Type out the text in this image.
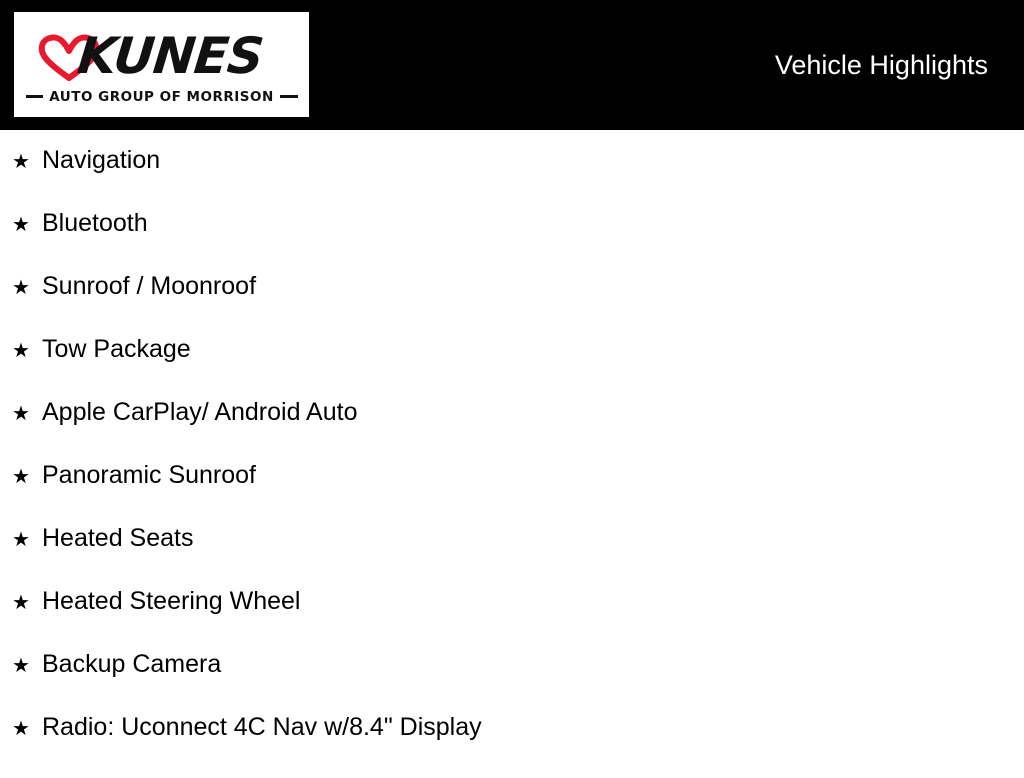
KUNES
AUTO GROUP OF MORRISON
Vehicle Highlights
★ Navigation
★ Bluetooth
★ Sunroof / Moonroof
★ Tow Package
★ Apple CarPlay/ Android Auto
★ Panoramic Sunroof
★ Heated Seats
★ Heated Steering Wheel
★ Backup Camera
★ Radio: Uconnect 4C Nav w/8.4" Display
